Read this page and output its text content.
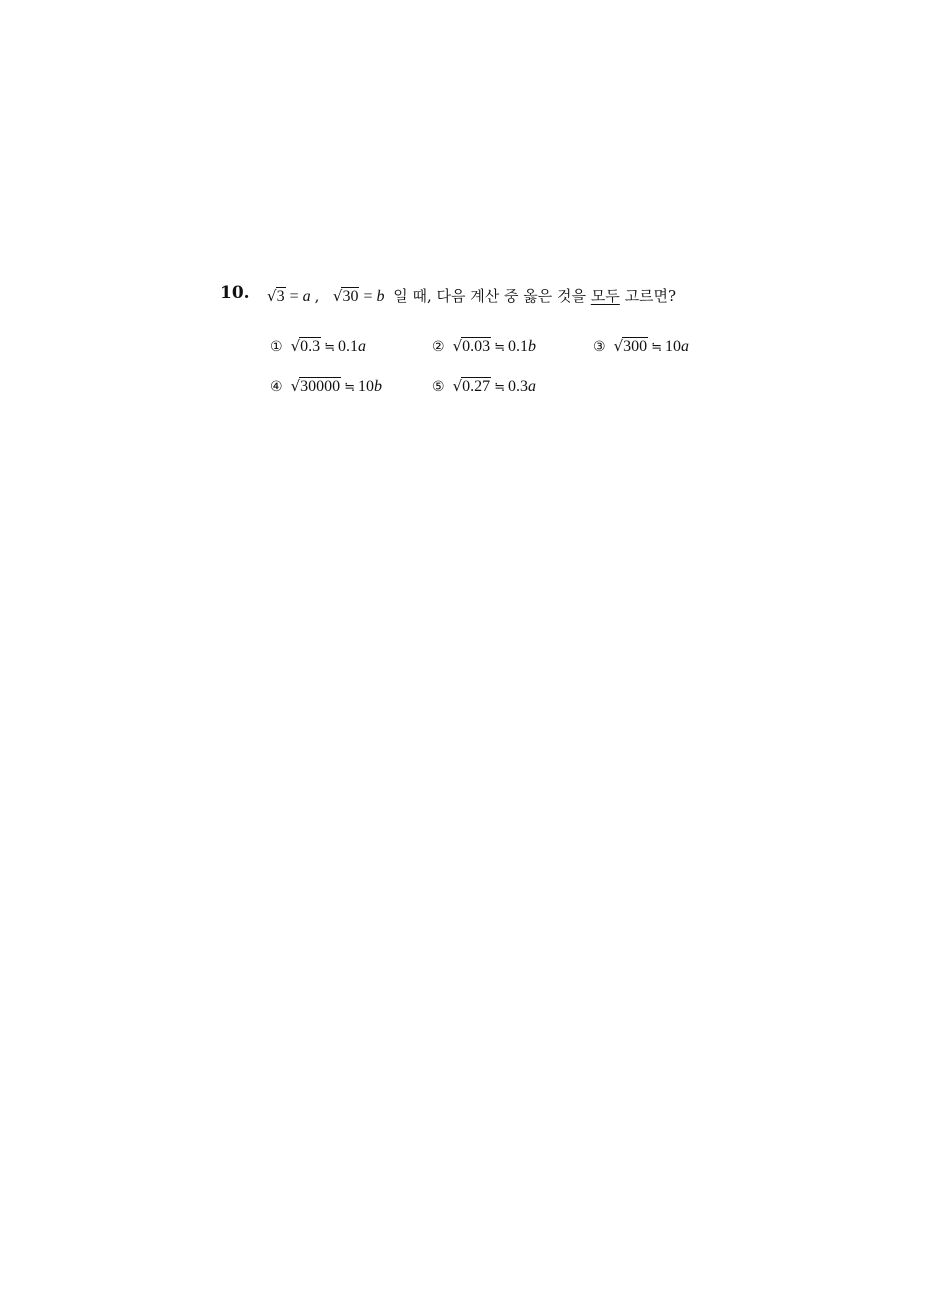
10. √3 = a ,   √30 = b  일 때, 다음 계산 중 옳은 것을 모두 고르면?
① √0.3 ≒ 0.1a	② √0.03 ≒ 0.1b	③ √300 ≒ 10a
④ √30000 ≒ 10b	⑤ √0.27 ≒ 0.3a
